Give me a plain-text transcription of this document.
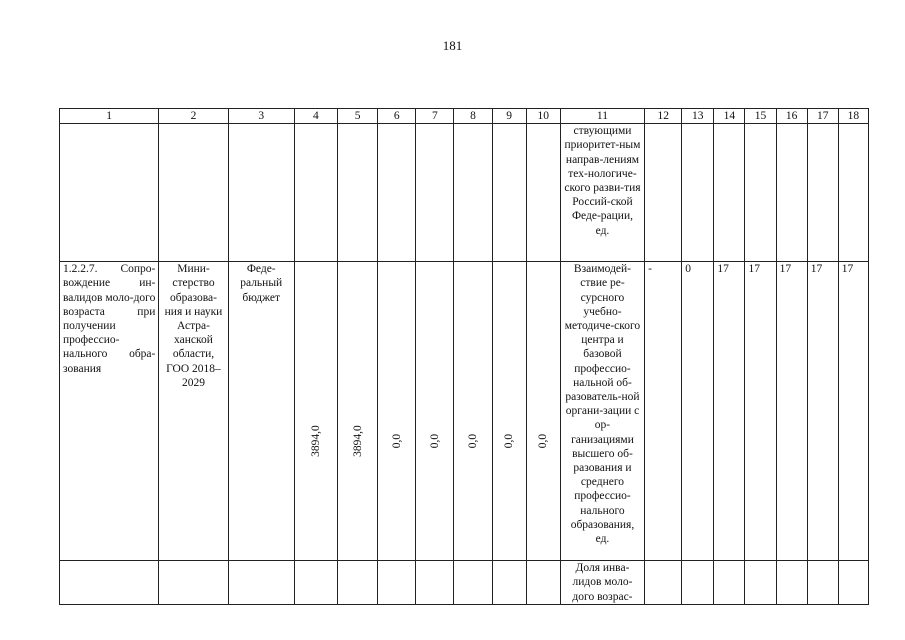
181
1	2	3	4	5	6	7	8	9	10	11	12	13	14	15	16	17	18
										ствующими приоритет-ным направ-лениям тех-нологиче-ского разви-тия Россий-ской Феде-рации, ед.							
1.2.2.7. Сопро-вождение ин-валидов моло-дого возраста при получении профессио-нального обра-зования	Мини-стерство образова-ния и науки Астра-ханской области, ГОО 2018–2029	Феде-ральный бюджет	3894,0	3894,0	0,0	0,0	0,0	0,0	0,0	Взаимодей-ствие ре-сурсного учебно-методиче-ского центра и базовой профессио-нальной об-разователь-ной органи-зации с ор-ганизациями высшего об-разования и среднего профессио-нального образования, ед.	-	0	17	17	17	17	17
										Доля инва-лидов моло-дого возрас-							
